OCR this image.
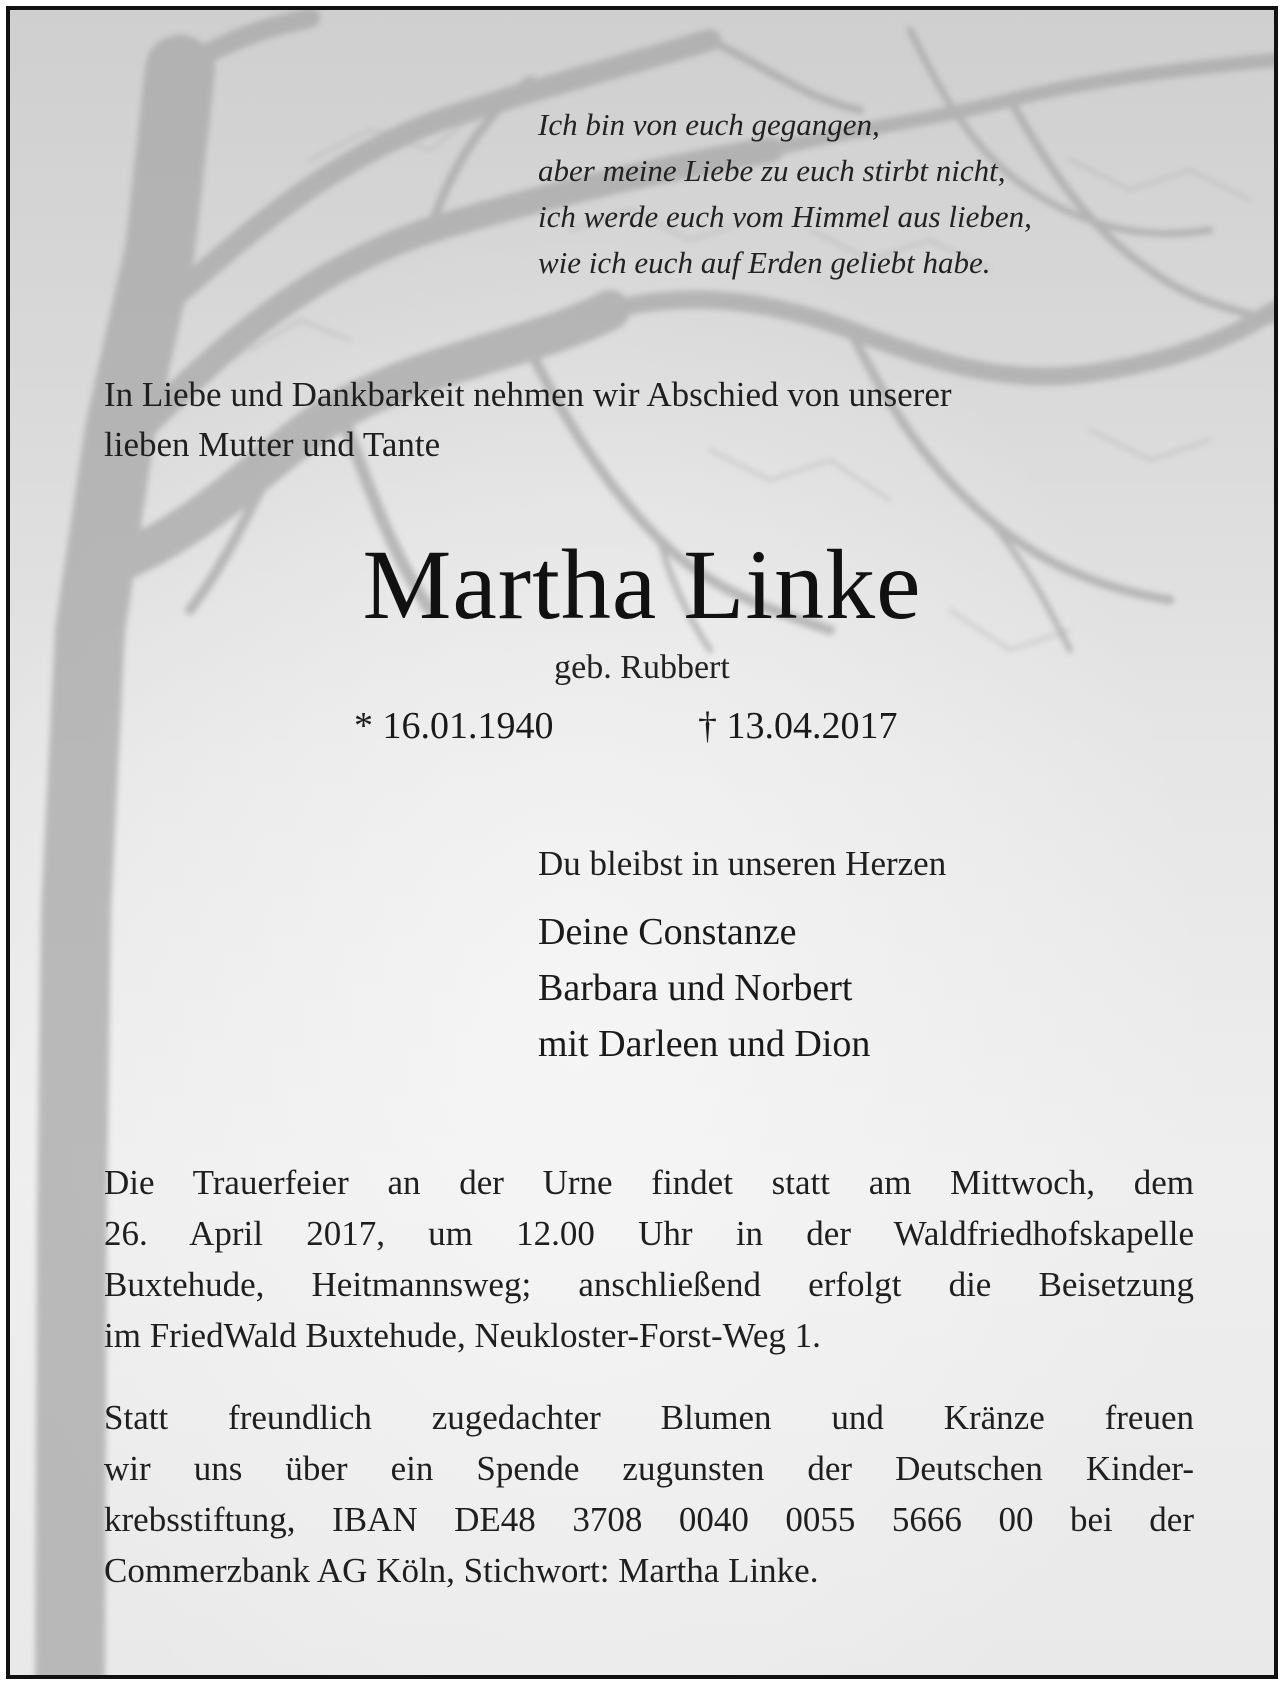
Ich bin von euch gegangen,
aber meine Liebe zu euch stirbt nicht,
ich werde euch vom Himmel aus lieben,
wie ich euch auf Erden geliebt habe.
In Liebe und Dankbarkeit nehmen wir Abschied von unserer
lieben Mutter und Tante
Martha Linke
geb. Rubbert
* 16.01.1940	† 13.04.2017
Du bleibst in unseren Herzen
Deine Constanze
Barbara und Norbert
mit Darleen und Dion
Die Trauerfeier an der Urne findet statt am Mittwoch, dem
26. April 2017, um 12.00 Uhr in der Waldfriedhofskapelle
Buxtehude, Heitmannsweg; anschließend erfolgt die Beisetzung
im FriedWald Buxtehude, Neukloster-Forst-Weg 1.
Statt freundlich zugedachter Blumen und Kränze freuen
wir uns über ein Spende zugunsten der Deutschen Kinder-
krebsstiftung, IBAN DE48 3708 0040 0055 5666 00 bei der
Commerzbank AG Köln, Stichwort: Martha Linke.
